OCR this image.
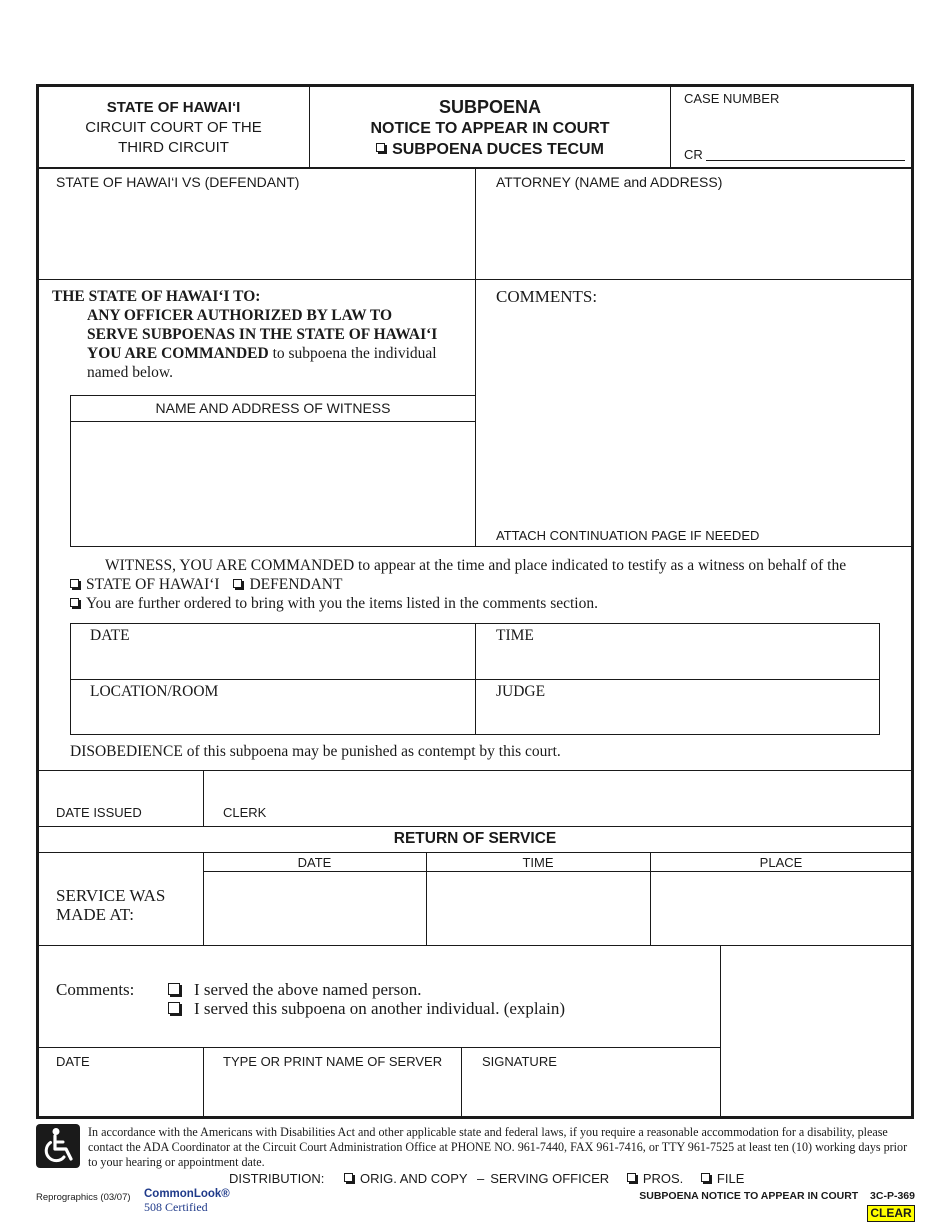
STATE OF HAWAI‘I
CIRCUIT COURT OF THE
THIRD CIRCUIT
SUBPOENA
NOTICE TO APPEAR IN COURT
SUBPOENA DUCES TECUM
CASE NUMBER
CR
STATE OF HAWAI‘I VS (DEFENDANT)	ATTORNEY (NAME and ADDRESS)
THE STATE OF HAWAI‘I TO:
ANY OFFICER AUTHORIZED BY LAW TO
SERVE SUBPOENAS IN THE STATE OF HAWAI‘I
YOU ARE COMMANDED to subpoena the individual
named below.
COMMENTS:
ATTACH CONTINUATION PAGE IF NEEDED
NAME AND ADDRESS OF WITNESS
WITNESS, YOU ARE COMMANDED to appear at the time and place indicated to testify as a witness on behalf of the
STATE OF HAWAI‘I DEFENDANT
You are further ordered to bring with you the items listed in the comments section.
DATE	TIME
LOCATION/ROOM	JUDGE
DISOBEDIENCE of this subpoena may be punished as contempt by this court.
DATE ISSUED	CLERK
RETURN OF SERVICE
DATE	TIME	PLACE
SERVICE WAS
MADE AT:
Comments:	I served the above named person.
I served this subpoena on another individual. (explain)
DATE	TYPE OR PRINT NAME OF SERVER	SIGNATURE
In accordance with the Americans with Disabilities Act and other applicable state and federal laws, if you require a reasonable accommodation for a disability, please contact the ADA Coordinator at the Circuit Court Administration Office at PHONE NO. 961-7440, FAX 961-7416, or TTY 961-7525 at least ten (10) working days prior to your hearing or appointment date.
DISTRIBUTION:	ORIG. AND COPY – SERVING OFFICER	PROS.	FILE
Reprographics (03/07) CommonLook®
508 Certified
SUBPOENA NOTICE TO APPEAR IN COURT 3C-P-369
CLEAR
